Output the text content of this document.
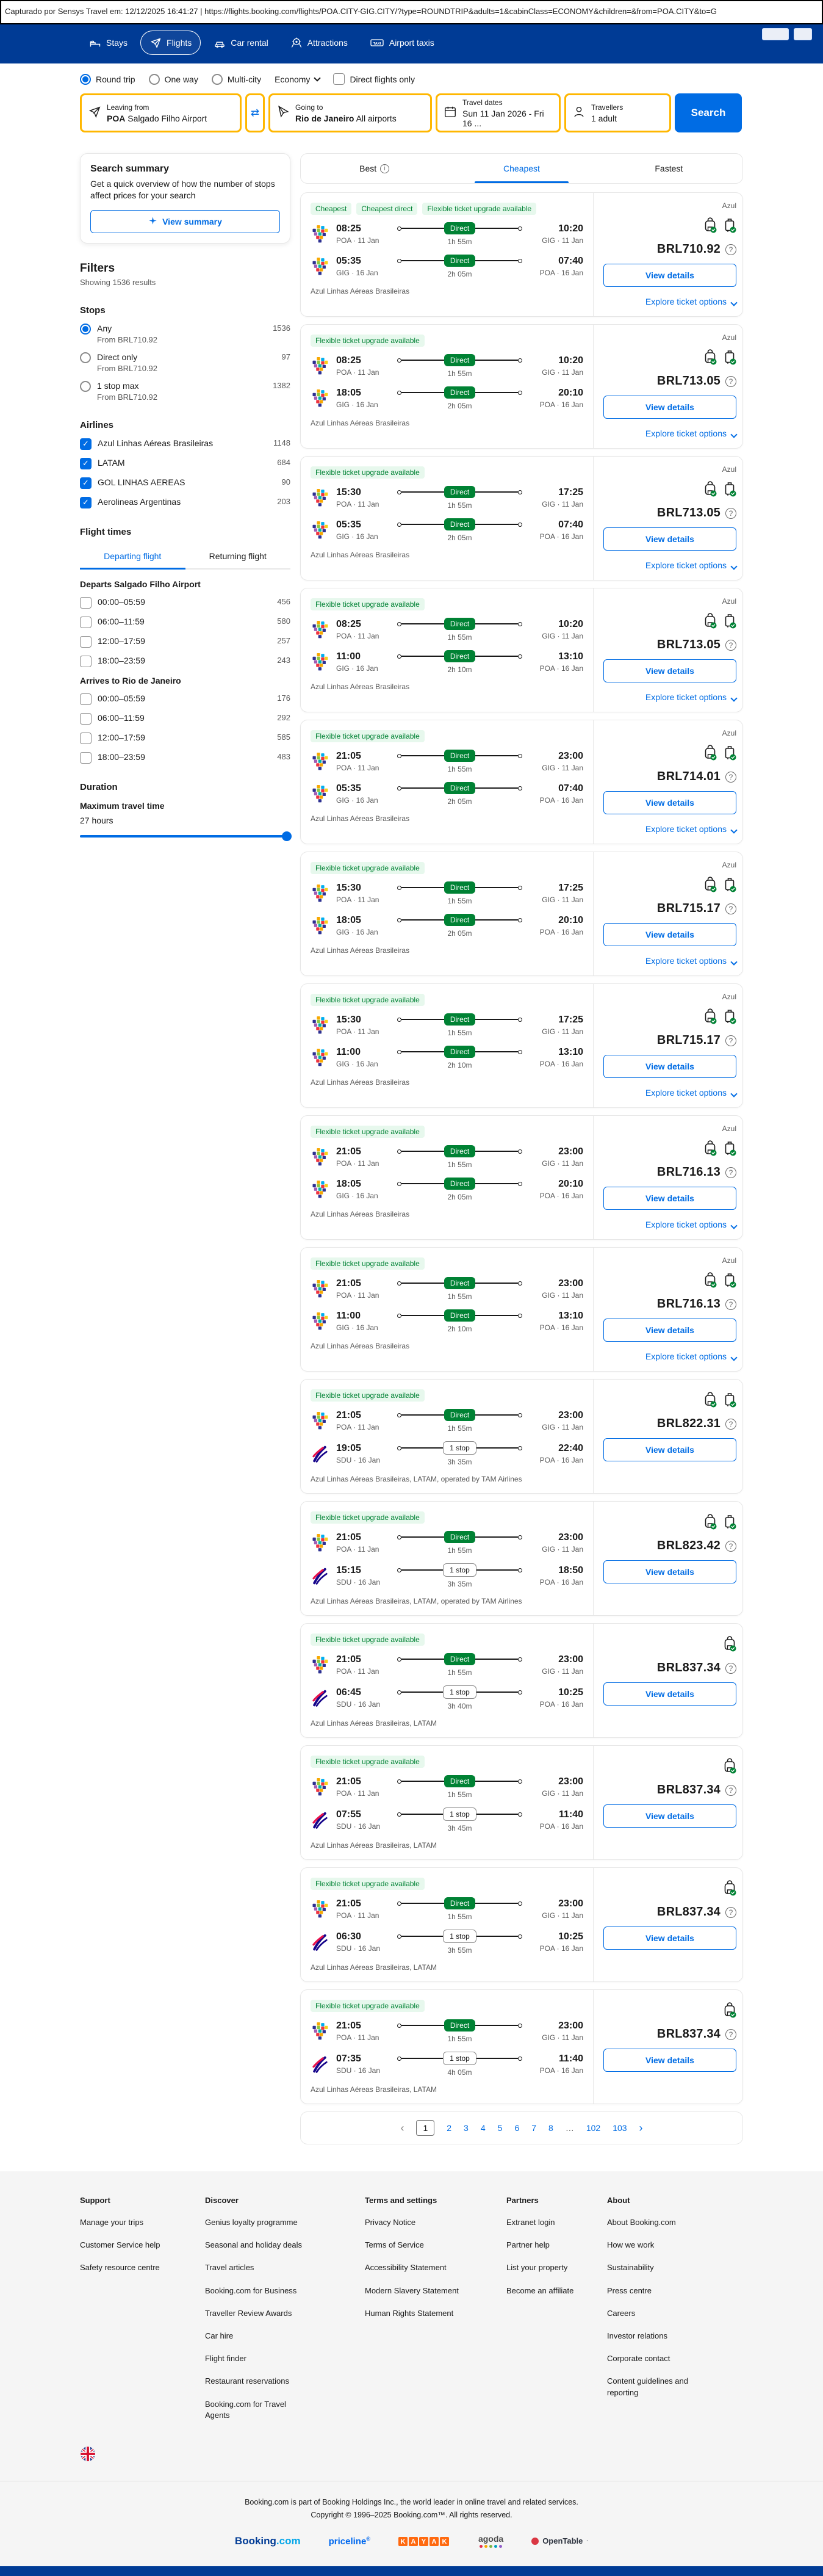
Capturado por Sensys Travel em: 12/12/2025 16:41:27 | https://flights.booking.com/flights/POA.CITY-GIG.CITY/?type=ROUNDTRIP&adults=1&cabinClass=ECONOMY&children=&from=POA.CITY&to=G
Stays	Flights	Car rental	Attractions	TAXI Airport taxis
Round trip	One way	Multi-city Economy	Direct flights only
Leaving from
POA Salgado Filho Airport	⇄	Going to
Rio de Janeiro All airports
Travel dates
Sun 11 Jan 2026 - Fri 16 ...
Travellers
1 adult	Search
Search summary
Get a quick overview of how the number of stops affect prices for your search
View summary
Filters
Showing 1536 results
Stops
Any	1536
From BRL710.92
Direct only	97
From BRL710.92
1 stop max	1382
From BRL710.92
Airlines
✓ Azul Linhas Aéreas Brasileiras	1148
✓ LATAM	684
✓ GOL LINHAS AEREAS	90
✓ Aerolineas Argentinas	203
Flight times
Departing flight	Returning flight
Departs Salgado Filho Airport
00:00–05:59	456
06:00–11:59	580
12:00–17:59	257
18:00–23:59	243
Arrives to Rio de Janeiro
00:00–05:59	176
06:00–11:59	292
12:00–17:59	585
18:00–23:59	483
Duration
Maximum travel time
27 hours
Best	i	Cheapest	Fastest
Cheapest	Cheapest direct	Flexible ticket upgrade available
08:25
POA · 11 Jan
Direct
1h 55m
10:20
GIG · 11 Jan
05:35
GIG · 16 Jan
Direct
2h 05m
07:40
POA · 16 Jan
Azul Linhas Aéreas Brasileiras
Azul
BRL710.92	?
View details
Explore ticket options
Flexible ticket upgrade available
08:25
POA · 11 Jan
Direct
1h 55m
10:20
GIG · 11 Jan
18:05
GIG · 16 Jan
Direct
2h 05m
20:10
POA · 16 Jan
Azul Linhas Aéreas Brasileiras
Azul
BRL713.05	?
View details
Explore ticket options
Flexible ticket upgrade available
15:30
POA · 11 Jan
Direct
1h 55m
17:25
GIG · 11 Jan
05:35
GIG · 16 Jan
Direct
2h 05m
07:40
POA · 16 Jan
Azul Linhas Aéreas Brasileiras
Azul
BRL713.05	?
View details
Explore ticket options
Flexible ticket upgrade available
08:25
POA · 11 Jan
Direct
1h 55m
10:20
GIG · 11 Jan
11:00
GIG · 16 Jan
Direct
2h 10m
13:10
POA · 16 Jan
Azul Linhas Aéreas Brasileiras
Azul
BRL713.05	?
View details
Explore ticket options
Flexible ticket upgrade available
21:05
POA · 11 Jan
Direct
1h 55m
23:00
GIG · 11 Jan
05:35
GIG · 16 Jan
Direct
2h 05m
07:40
POA · 16 Jan
Azul Linhas Aéreas Brasileiras
Azul
BRL714.01	?
View details
Explore ticket options
Flexible ticket upgrade available
15:30
POA · 11 Jan
Direct
1h 55m
17:25
GIG · 11 Jan
18:05
GIG · 16 Jan
Direct
2h 05m
20:10
POA · 16 Jan
Azul Linhas Aéreas Brasileiras
Azul
BRL715.17	?
View details
Explore ticket options
Flexible ticket upgrade available
15:30
POA · 11 Jan
Direct
1h 55m
17:25
GIG · 11 Jan
11:00
GIG · 16 Jan
Direct
2h 10m
13:10
POA · 16 Jan
Azul Linhas Aéreas Brasileiras
Azul
BRL715.17	?
View details
Explore ticket options
Flexible ticket upgrade available
21:05
POA · 11 Jan
Direct
1h 55m
23:00
GIG · 11 Jan
18:05
GIG · 16 Jan
Direct
2h 05m
20:10
POA · 16 Jan
Azul Linhas Aéreas Brasileiras
Azul
BRL716.13	?
View details
Explore ticket options
Flexible ticket upgrade available
21:05
POA · 11 Jan
Direct
1h 55m
23:00
GIG · 11 Jan
11:00
GIG · 16 Jan
Direct
2h 10m
13:10
POA · 16 Jan
Azul Linhas Aéreas Brasileiras
Azul
BRL716.13	?
View details
Explore ticket options
Flexible ticket upgrade available
21:05
POA · 11 Jan
Direct
1h 55m
23:00
GIG · 11 Jan
19:05
SDU · 16 Jan
1 stop
3h 35m
22:40
POA · 16 Jan
Azul Linhas Aéreas Brasileiras, LATAM, operated by TAM Airlines
BRL822.31	?
View details
Flexible ticket upgrade available
21:05
POA · 11 Jan
Direct
1h 55m
23:00
GIG · 11 Jan
15:15
SDU · 16 Jan
1 stop
3h 35m
18:50
POA · 16 Jan
Azul Linhas Aéreas Brasileiras, LATAM, operated by TAM Airlines
BRL823.42	?
View details
Flexible ticket upgrade available
21:05
POA · 11 Jan
Direct
1h 55m
23:00
GIG · 11 Jan
06:45
SDU · 16 Jan
1 stop
3h 40m
10:25
POA · 16 Jan
Azul Linhas Aéreas Brasileiras, LATAM
BRL837.34	?
View details
Flexible ticket upgrade available
21:05
POA · 11 Jan
Direct
1h 55m
23:00
GIG · 11 Jan
07:55
SDU · 16 Jan
1 stop
3h 45m
11:40
POA · 16 Jan
Azul Linhas Aéreas Brasileiras, LATAM
BRL837.34	?
View details
Flexible ticket upgrade available
21:05
POA · 11 Jan
Direct
1h 55m
23:00
GIG · 11 Jan
06:30
SDU · 16 Jan
1 stop
3h 55m
10:25
POA · 16 Jan
Azul Linhas Aéreas Brasileiras, LATAM
BRL837.34	?
View details
Flexible ticket upgrade available
21:05
POA · 11 Jan
Direct
1h 55m
23:00
GIG · 11 Jan
07:35
SDU · 16 Jan
1 stop
4h 05m
11:40
POA · 16 Jan
Azul Linhas Aéreas Brasileiras, LATAM
BRL837.34	?
View details
‹	1	2 3 4 5 6 7 8 … 102 103 ›
Support
Manage your trips
Customer Service help
Safety resource centre
Discover
Genius loyalty programme
Seasonal and holiday deals
Travel articles
Booking.com for Business
Traveller Review Awards
Car hire
Flight finder
Restaurant reservations
Booking.com for Travel Agents
Terms and settings
Privacy Notice
Terms of Service
Accessibility Statement
Modern Slavery Statement
Human Rights Statement
Partners
Extranet login
Partner help
List your property
Become an affiliate
About
About Booking.com
How we work
Sustainability
Press centre
Careers
Investor relations
Corporate contact
Content guidelines and reporting
Booking.com is part of Booking Holdings Inc., the world leader in online travel and related services.
Copyright © 1996–2025 Booking.com™. All rights reserved.
Booking.com	priceline®	K A Y A K	agoda	OpenTable ·
